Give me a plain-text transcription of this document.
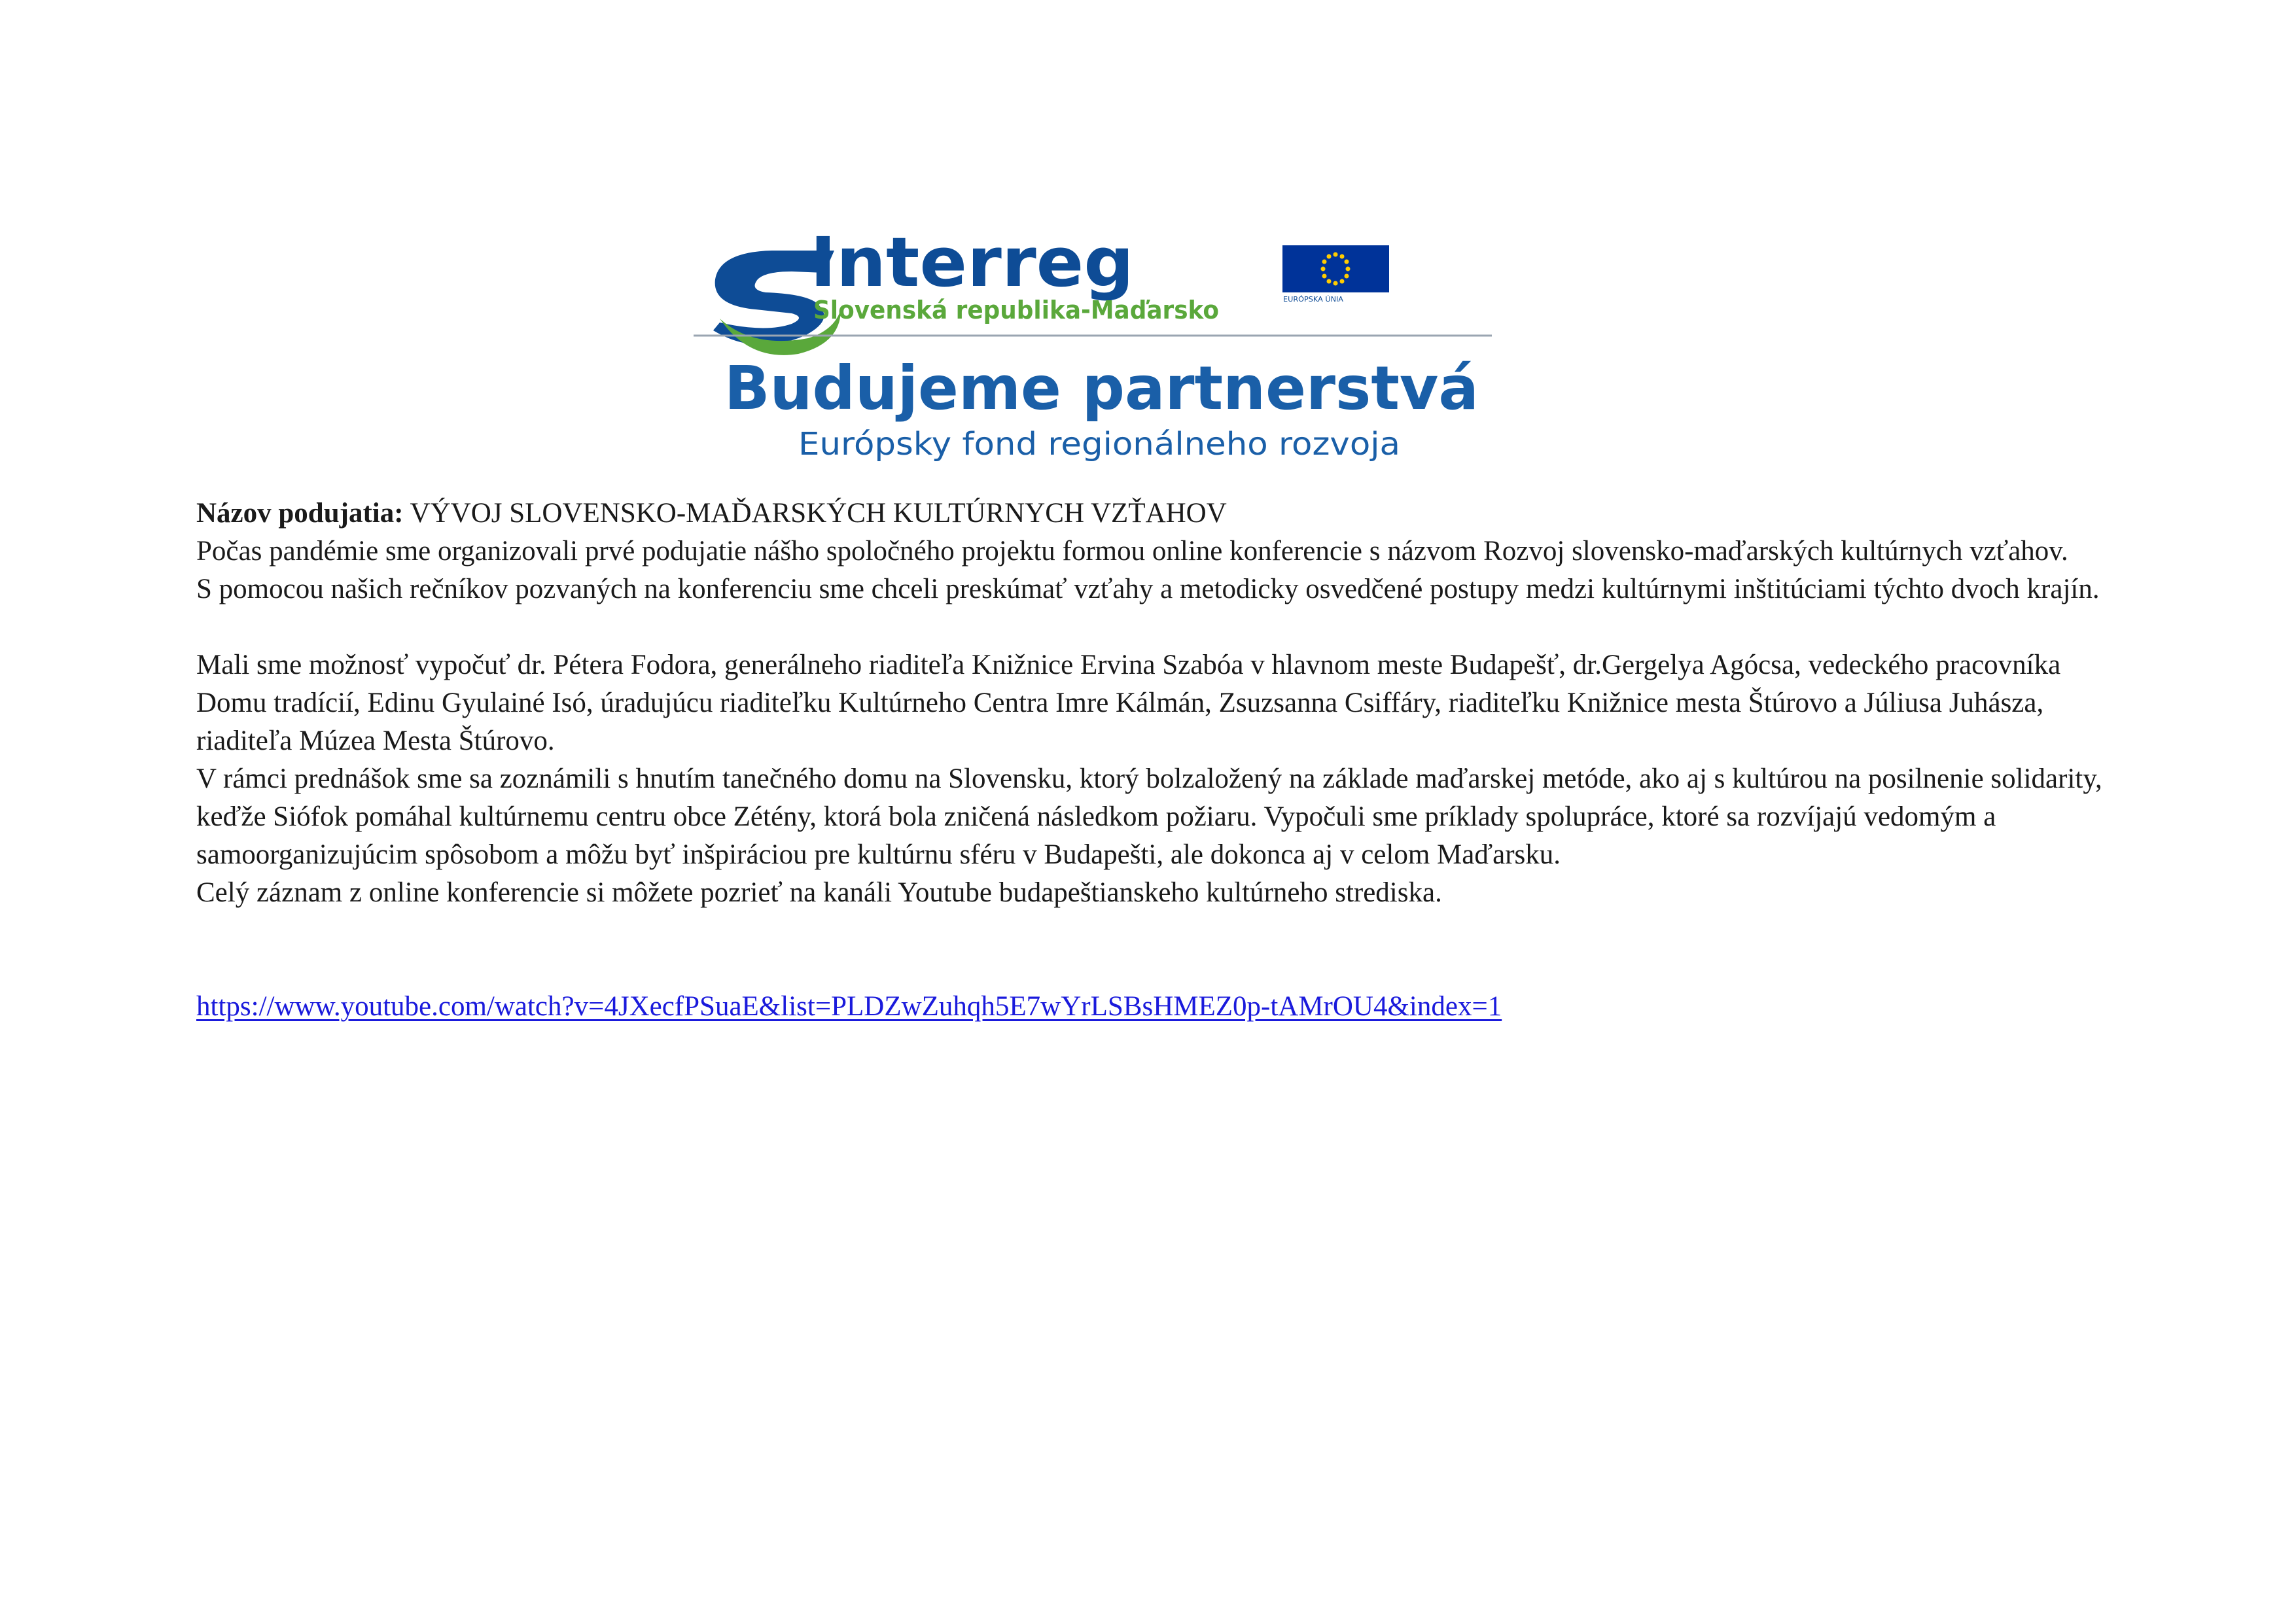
Interreg
Slovenská republika-Maďarsko	EURÓPSKA ÚNIA
Budujeme partnerstvá
Európsky fond regionálneho rozvoja

Názov podujatia: VÝVOJ SLOVENSKO-MAĎARSKÝCH KULTÚRNYCH VZŤAHOV

Počas pandémie sme organizovali prvé podujatie nášho spoločného projektu formou online konferencie s názvom Rozvoj slovensko-maďarských kultúrnych vzťahov.

S pomocou našich rečníkov pozvaných na konferenciu sme chceli preskúmať vzťahy a metodicky osvedčené postupy medzi kultúrnymi inštitúciami týchto dvoch krajín.

Mali sme možnosť vypočuť dr. Pétera Fodora, generálneho riaditeľa Knižnice Ervina Szabóa v hlavnom meste Budapešť, dr.Gergelya Agócsa, vedeckého pracovníka Domu tradícií, Edinu Gyulainé Isó, úradujúcu riaditeľku Kultúrneho Centra Imre Kálmán, Zsuzsanna Csiffáry, riaditeľku Knižnice mesta Štúrovo a Júliusa Juhásza, riaditeľa Múzea Mesta Štúrovo.

V rámci prednášok sme sa zoznámili s hnutím tanečného domu na Slovensku, ktorý bolzaložený na základe maďarskej metóde, ako aj s kultúrou na posilnenie solidarity, keďže Siófok pomáhal kultúrnemu centru obce Zétény, ktorá bola zničená následkom požiaru. Vypočuli sme príklady spolupráce, ktoré sa rozvíjajú vedomým a samoorganizujúcim spôsobom a môžu byť inšpiráciou pre kultúrnu sféru v Budapešti, ale dokonca aj v celom Maďarsku.

Celý záznam z online konferencie si môžete pozrieť na kanáli Youtube budapeštianskeho kultúrneho strediska.

https://www.youtube.com/watch?v=4JXecfPSuaE&list=PLDZwZuhqh5E7wYrLSBsHMEZ0p-tAMrOU4&index=1
